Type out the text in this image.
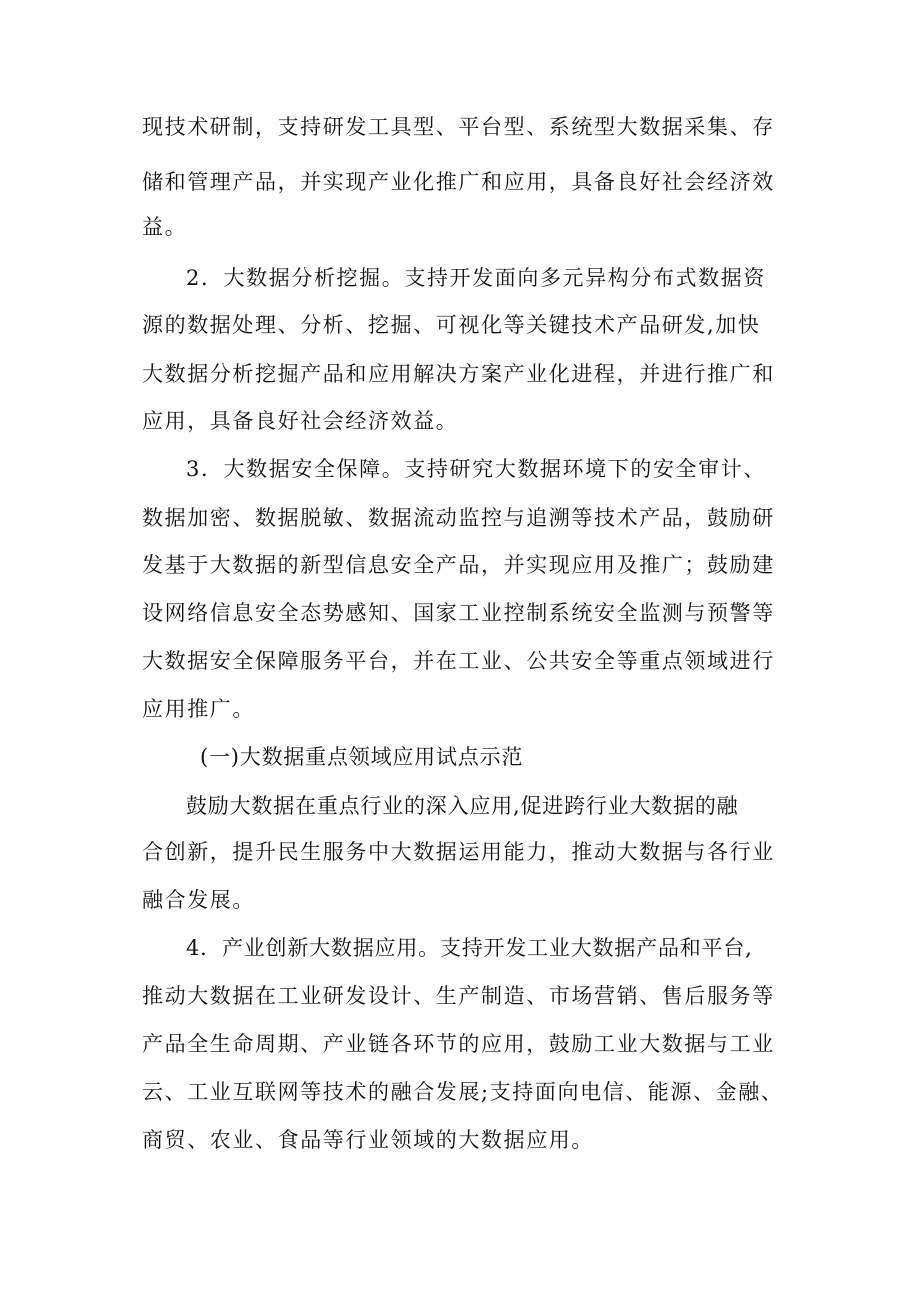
现技术研制，支持研发工具型、平台型、系统型大数据采集、存
储和管理产品，并实现产业化推广和应用，具备良好社会经济效
益。
2．大数据分析挖掘。支持开发面向多元异构分布式数据资
源的数据处理、分析、挖掘、可视化等关键技术产品研发,加快
大数据分析挖掘产品和应用解决方案产业化进程，并进行推广和
应用，具备良好社会经济效益。
3．大数据安全保障。支持研究大数据环境下的安全审计、
数据加密、数据脱敏、数据流动监控与追溯等技术产品，鼓励研
发基于大数据的新型信息安全产品，并实现应用及推广；鼓励建
设网络信息安全态势感知、国家工业控制系统安全监测与预警等
大数据安全保障服务平台，并在工业、公共安全等重点领域进行
应用推广。
(一)大数据重点领域应用试点示范
鼓励大数据在重点行业的深入应用,促进跨行业大数据的融
合创新，提升民生服务中大数据运用能力，推动大数据与各行业
融合发展。
4．产业创新大数据应用。支持开发工业大数据产品和平台,
推动大数据在工业研发设计、生产制造、市场营销、售后服务等
产品全生命周期、产业链各环节的应用，鼓励工业大数据与工业
云、工业互联网等技术的融合发展;支持面向电信、能源、金融、
商贸、农业、食品等行业领域的大数据应用。
